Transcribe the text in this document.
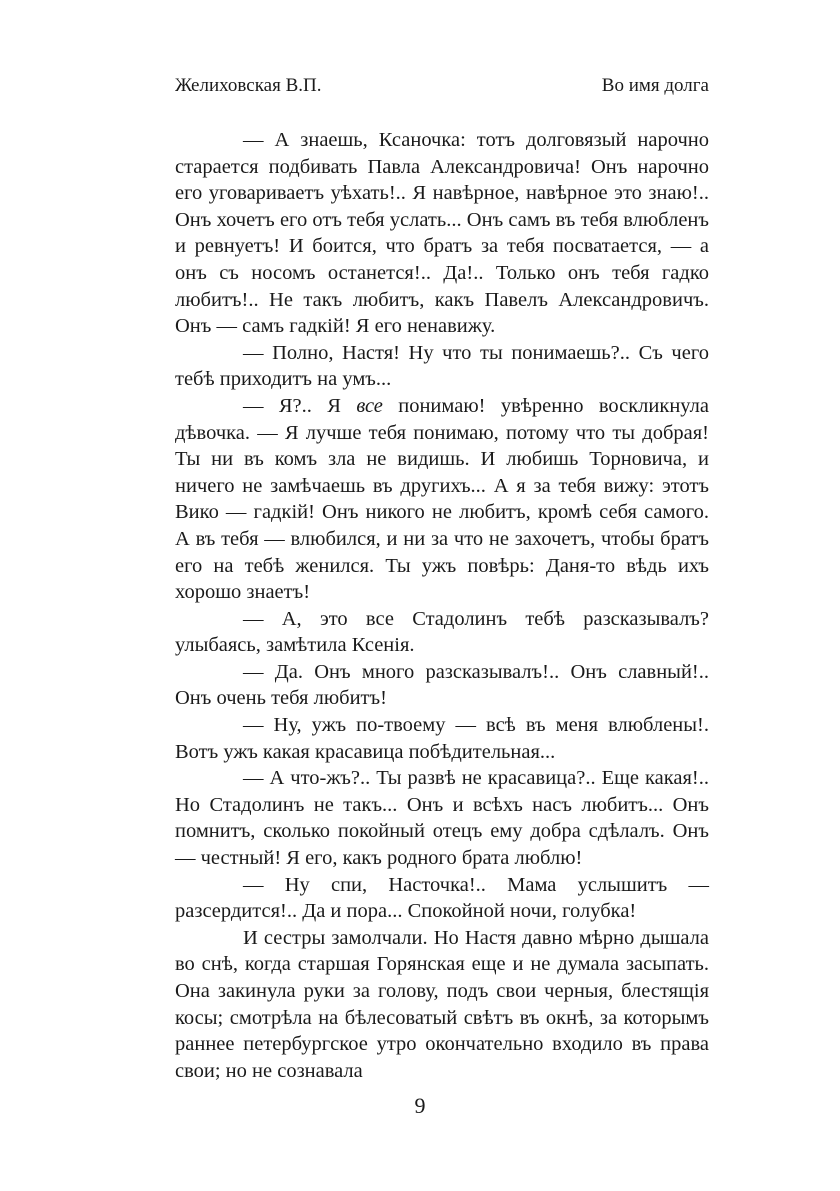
Желиховская В.П.	Во имя долга

— А знаешь, Ксаночка: тотъ долговязый нарочно старается подбивать Павла Александровича! Онъ нарочно его уговариваетъ уѣхать!.. Я навѣрное, навѣрное это знаю!.. Онъ хочетъ его отъ тебя услать... Онъ самъ въ тебя влюбленъ и ревнуетъ! И боится, что братъ за тебя посватается, — а онъ съ носомъ останется!.. Да!.. Только онъ тебя гадко любитъ!.. Не такъ любитъ, какъ Павелъ Александровичъ. Онъ — самъ гадкій! Я его ненавижу.

— Полно, Настя! Ну что ты понимаешь?.. Съ чего тебѣ приходитъ на умъ...

— Я?.. Я все понимаю! увѣренно воскликнула дѣвочка. — Я лучше тебя понимаю, потому что ты добрая! Ты ни въ комъ зла не видишь. И любишь Торновича, и ничего не замѣчаешь въ другихъ... А я за тебя вижу: этотъ Вико — гадкій! Онъ никого не любитъ, кромѣ себя самого. А въ тебя — влюбился, и ни за что не захочетъ, чтобы братъ его на тебѣ женился. Ты ужъ повѣрь: Даня-то вѣдь ихъ хорошо знаетъ!

— А, это все Стадолинъ тебѣ разсказывалъ? улыбаясь, замѣтила Ксенія.

— Да. Онъ много разсказывалъ!.. Онъ славный!.. Онъ очень тебя любитъ!

— Ну, ужъ по-твоему — всѣ въ меня влюблены!. Вотъ ужъ какая красавица побѣдительная...

— А что-жъ?.. Ты развѣ не красавица?.. Еще какая!.. Но Стадолинъ не такъ... Онъ и всѣхъ насъ любитъ... Онъ помнитъ, сколько покойный отецъ ему добра сдѣлалъ. Онъ — честный! Я его, какъ родного брата люблю!

— Ну спи, Насточка!.. Мама услышитъ — разсердится!.. Да и пора... Спокойной ночи, голубка!

И сестры замолчали. Но Настя давно мѣрно дышала во снѣ, когда старшая Горянская еще и не думала засыпать. Она закинула руки за голову, подъ свои черныя, блестящія косы; смотрѣла на бѣлесоватый свѣтъ въ окнѣ, за которымъ раннее петербургское утро окончательно входило въ права свои; но не сознавала

9
